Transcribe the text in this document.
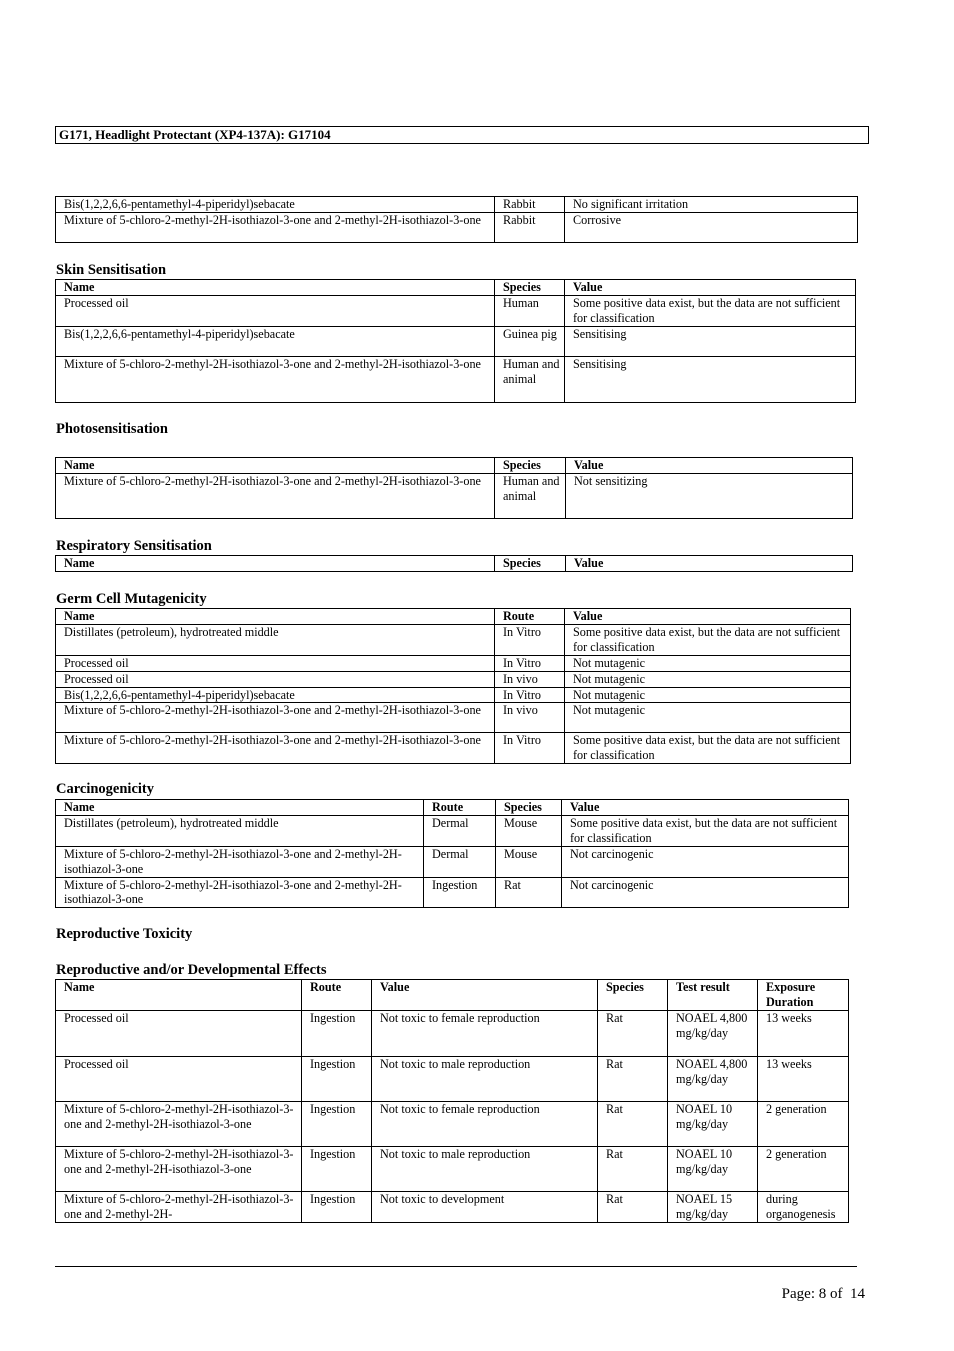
G171, Headlight Protectant (XP4-137A): G17104
Bis(1,2,2,6,6-pentamethyl-4-piperidyl)sebacate	Rabbit	No significant irritation
Mixture of 5-chloro-2-methyl-2H-isothiazol-3-one and 2-methyl-2H-isothiazol-3-one	Rabbit	Corrosive
Skin Sensitisation
Name	Species	Value
Processed oil	Human	Some positive data exist, but the data are not sufficient for classification
Bis(1,2,2,6,6-pentamethyl-4-piperidyl)sebacate	Guinea pig	Sensitising
Mixture of 5-chloro-2-methyl-2H-isothiazol-3-one and 2-methyl-2H-isothiazol-3-one	Human and animal	Sensitising
Photosensitisation
Name	Species	Value
Mixture of 5-chloro-2-methyl-2H-isothiazol-3-one and 2-methyl-2H-isothiazol-3-one	Human and animal	Not sensitizing
Respiratory Sensitisation
Name	Species	Value
Germ Cell Mutagenicity
Name	Route	Value
Distillates (petroleum), hydrotreated middle	In Vitro	Some positive data exist, but the data are not sufficient for classification
Processed oil	In Vitro	Not mutagenic
Processed oil	In vivo	Not mutagenic
Bis(1,2,2,6,6-pentamethyl-4-piperidyl)sebacate	In Vitro	Not mutagenic
Mixture of 5-chloro-2-methyl-2H-isothiazol-3-one and 2-methyl-2H-isothiazol-3-one	In vivo	Not mutagenic
Mixture of 5-chloro-2-methyl-2H-isothiazol-3-one and 2-methyl-2H-isothiazol-3-one	In Vitro	Some positive data exist, but the data are not sufficient for classification
Carcinogenicity
Name	Route	Species	Value
Distillates (petroleum), hydrotreated middle	Dermal	Mouse	Some positive data exist, but the data are not sufficient for classification
Mixture of 5-chloro-2-methyl-2H-isothiazol-3-one and 2-methyl-2H-isothiazol-3-one	Dermal	Mouse	Not carcinogenic
Mixture of 5-chloro-2-methyl-2H-isothiazol-3-one and 2-methyl-2H-isothiazol-3-one	Ingestion	Rat	Not carcinogenic
Reproductive Toxicity
Reproductive and/or Developmental Effects
Name	Route	Value	Species	Test result	Exposure Duration
Processed oil	Ingestion	Not toxic to female reproduction	Rat	NOAEL 4,800 mg/kg/day	13 weeks
Processed oil	Ingestion	Not toxic to male reproduction	Rat	NOAEL 4,800 mg/kg/day	13 weeks
Mixture of 5-chloro-2-methyl-2H-isothiazol-3-one and 2-methyl-2H-isothiazol-3-one	Ingestion	Not toxic to female reproduction	Rat	NOAEL 10 mg/kg/day	2 generation
Mixture of 5-chloro-2-methyl-2H-isothiazol-3-one and 2-methyl-2H-isothiazol-3-one	Ingestion	Not toxic to male reproduction	Rat	NOAEL 10 mg/kg/day	2 generation
Mixture of 5-chloro-2-methyl-2H-isothiazol-3-one and 2-methyl-2H-	Ingestion	Not toxic to development	Rat	NOAEL 15 mg/kg/day	during organogenesis
Page: 8 of  14
